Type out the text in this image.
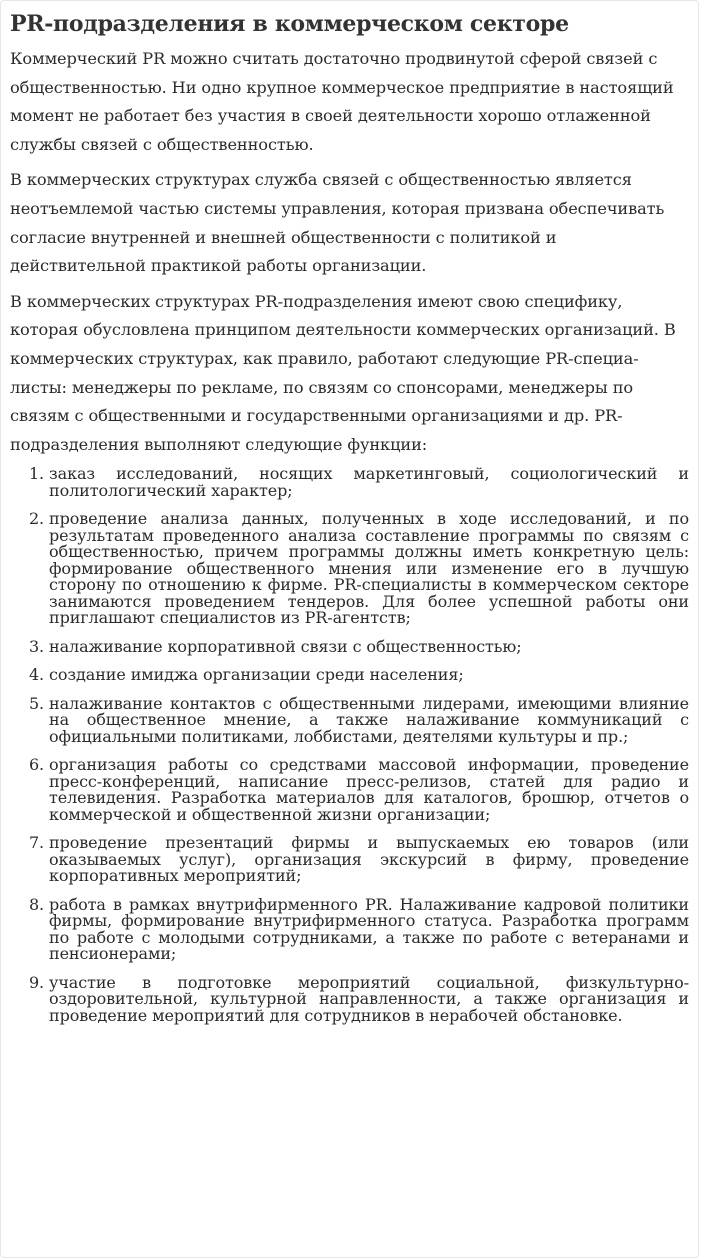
PR-подразделения в коммерческом секторе

Коммерческий PR можно считать достаточно продвинутой сферой связей с общественностью. Ни одно крупное коммерческое предприятие в настоящий момент не работает без участия в своей деятельности хорошо отлаженной службы связей с общественностью.

В коммерческих структурах служба связей с общественностью является неотъемлемой частью системы управления, которая призвана обеспечивать согласие внутренней и внешней общественности с политикой и действительной практикой работы организации.

В коммерческих структурах PR-подразделения имеют свою специфику, которая обусловлена принципом деятельности коммерческих организаций. В коммерческих структурах, как правило, работают следующие PR-специа-листы: менеджеры по рекламе, по связям со спонсорами, менеджеры по связям с общественными и государственными организациями и др. PR-подразделения выполняют следующие функции:

1. заказ исследований, носящих маркетинговый, социологический и политологический характер;
2. проведение анализа данных, полученных в ходе исследований, и по результатам проведенного анализа составление программы по связям с общественностью, причем программы должны иметь конкретную цель: формирование общественного мнения или изменение его в лучшую сторону по отношению к фирме. PR-специалисты в коммерческом секторе занимаются проведением тендеров. Для более успешной работы они приглашают специалистов из PR-агентств;
3. налаживание корпоративной связи с общественностью;
4. создание имиджа организации среди населения;
5. налаживание контактов с общественными лидерами, имеющими влияние на общественное мнение, а также налаживание коммуникаций с официальными политиками, лоббистами, деятелями культуры и пр.;
6. организация работы со средствами массовой информации, проведение пресс-конференций, написание пресс-релизов, статей для радио и телевидения. Разработка материалов для каталогов, брошюр, отчетов о коммерческой и общественной жизни организации;
7. проведение презентаций фирмы и выпускаемых ею товаров (или оказываемых услуг), организация экскурсий в фирму, проведение корпоративных мероприятий;
8. работа в рамках внутрифирменного PR. Налаживание кадровой политики фирмы, формирование внутрифирменного статуса. Разработка программ по работе с молодыми сотрудниками, а также по работе с ветеранами и пенсионерами;
9. участие в подготовке мероприятий социальной, физкультурно-оздоровительной, культурной направленности, а также организация и проведение мероприятий для сотрудников в нерабочей обстановке.
